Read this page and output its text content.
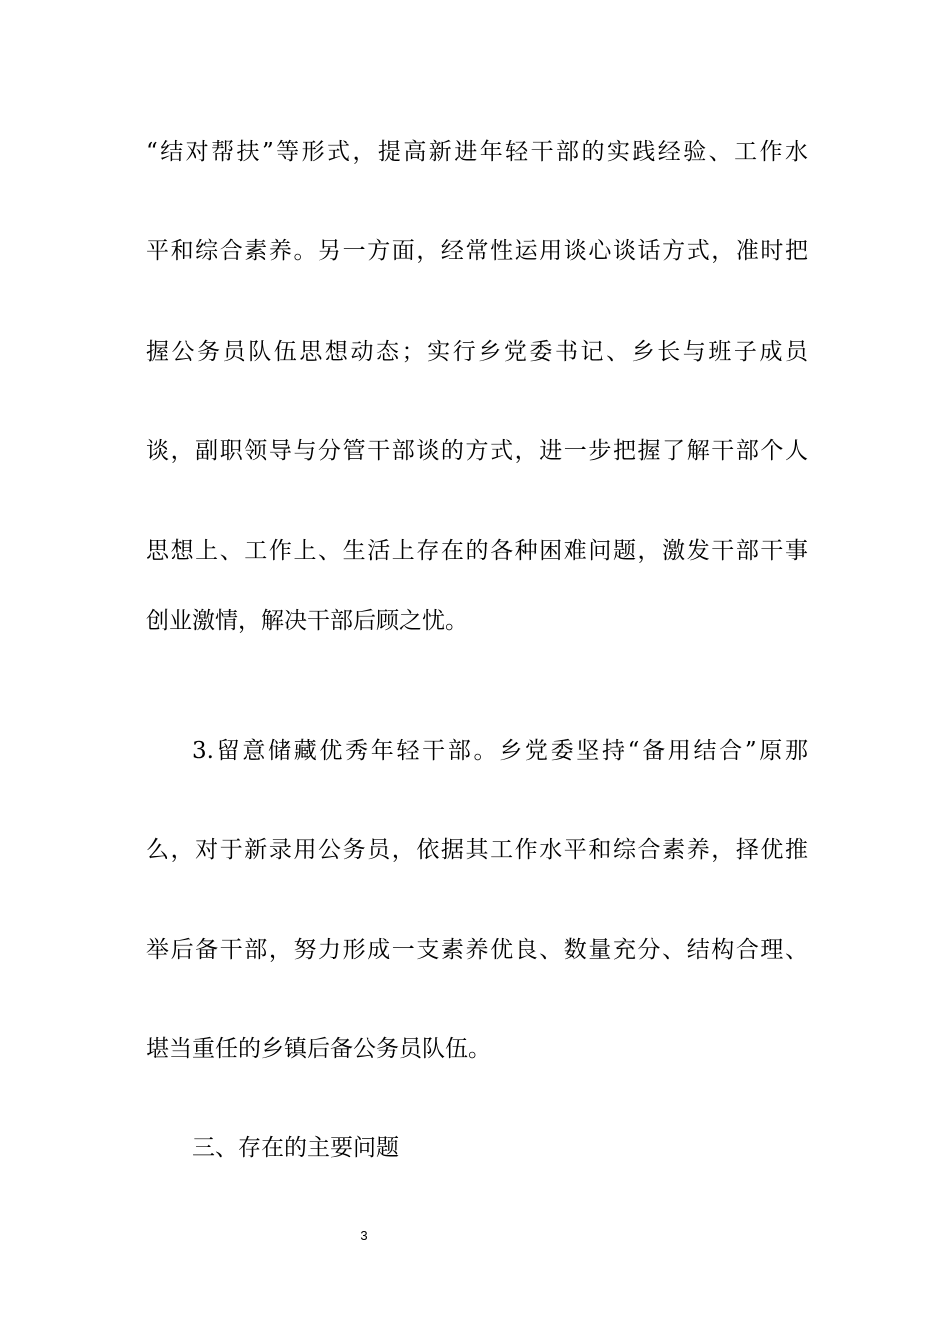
“结对帮扶”等形式，提高新进年轻干部的实践经验、工作水
平和综合素养。另一方面，经常性运用谈心谈话方式，准时把
握公务员队伍思想动态；实行乡党委书记、乡长与班子成员
谈，副职领导与分管干部谈的方式，进一步把握了解干部个人
思想上、工作上、生活上存在的各种困难问题，激发干部干事
创业激情，解决干部后顾之忧。
3.留意储藏优秀年轻干部。乡党委坚持“备用结合”原那
么，对于新录用公务员，依据其工作水平和综合素养，择优推
举后备干部，努力形成一支素养优良、数量充分、结构合理、
堪当重任的乡镇后备公务员队伍。
三、存在的主要问题
3
